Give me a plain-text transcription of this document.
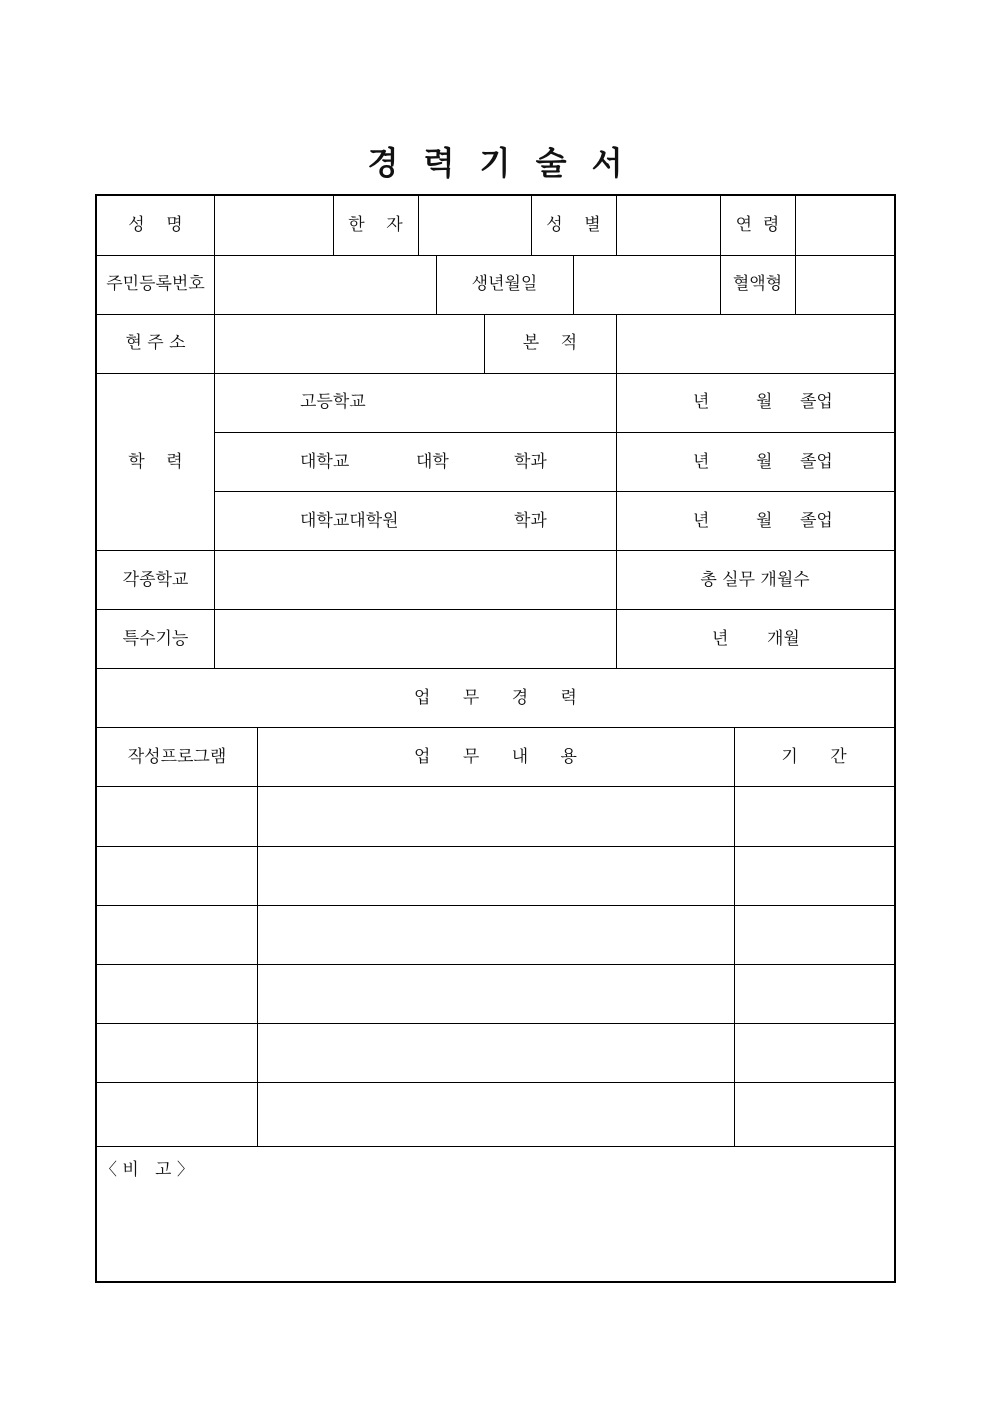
경 력 기 술 서
성    명	한    자	성    별	연  령
주민등록번호	생년월일	혈액형
현 주 소	본    적
학    력
고등학교	년	월 졸업
대학교	대학	학과	년	월 졸업
대학교대학원	학과	년	월 졸업
각종학교	총 실무 개월수
특수기능	년 개월
업      무      경      력
작성프로그램	업      무      내      용	기      간
〈 비   고 〉
